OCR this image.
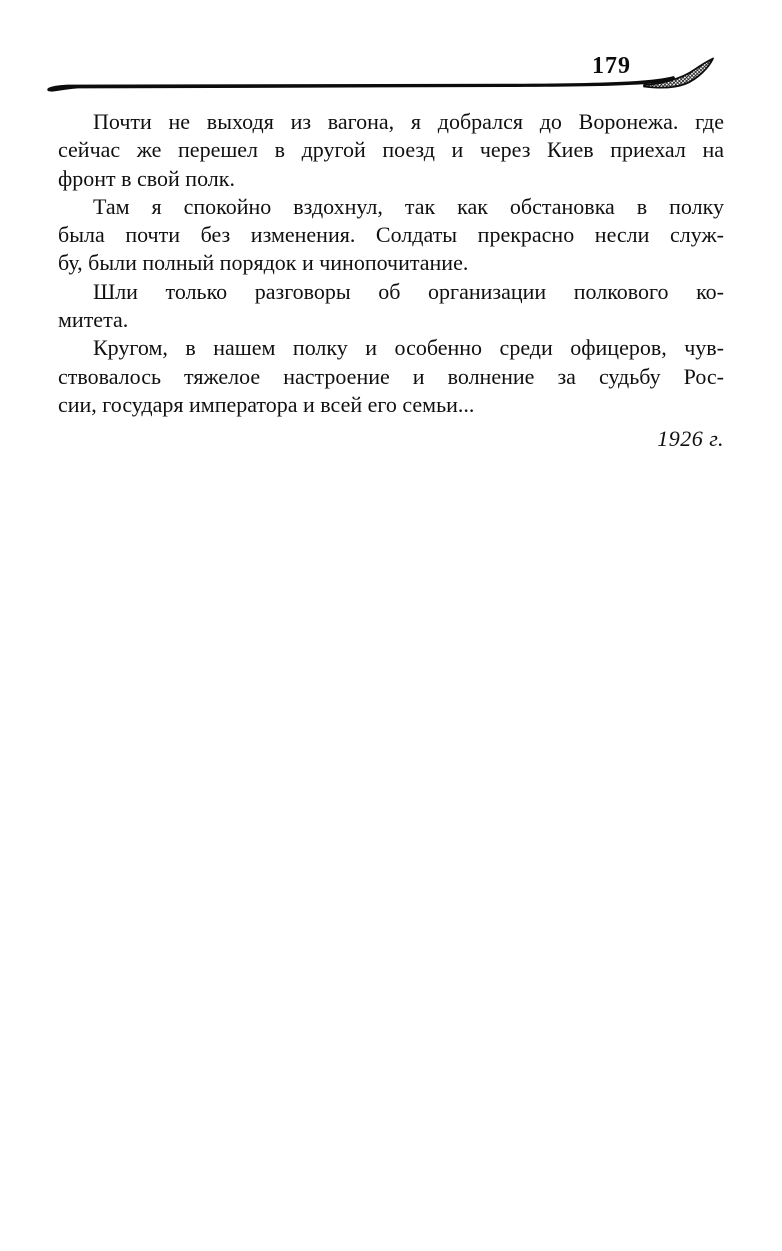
179
Почти не выходя из вагона, я добрался до Воронежа. где
сейчас же перешел в другой поезд и через Киев приехал на
фронт в свой полк.
Там я спокойно вздохнул, так как обстановка в полку
была почти без изменения. Солдаты прекрасно несли служ-
бу, были полный порядок и чинопочитание.
Шли только разговоры об организации полкового ко-
митета.
Кругом, в нашем полку и особенно среди офицеров, чув-
ствовалось тяжелое настроение и волнение за судьбу Рос-
сии, государя императора и всей его семьи...
1926 г.
